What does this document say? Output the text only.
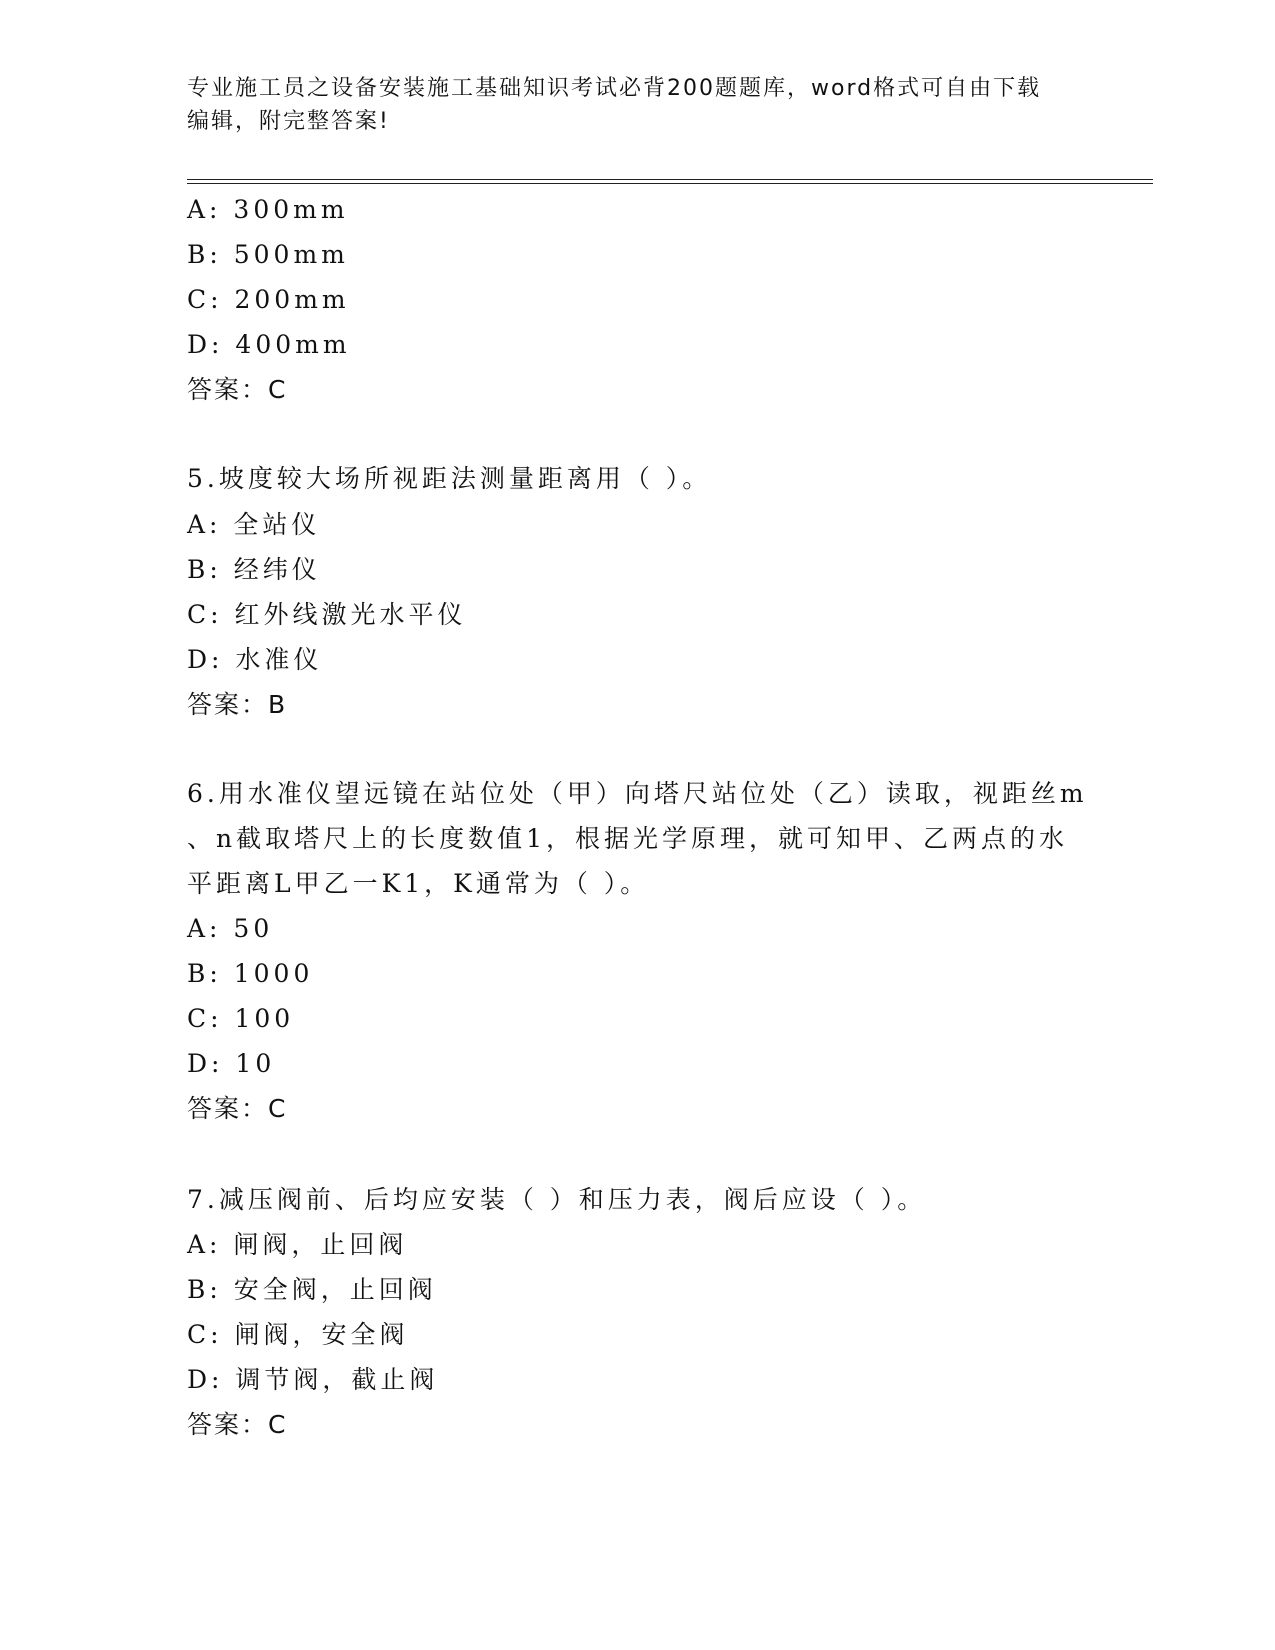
专业施工员之设备安装施工基础知识考试必背200题题库，word格式可自由下载
编辑，附完整答案!
A: 300mm
B: 500mm
C: 200mm
D: 400mm
答案：C
5.坡度较大场所视距法测量距离用（ ）。
A: 全站仪
B: 经纬仪
C: 红外线激光水平仪
D: 水准仪
答案：B
6.用水准仪望远镜在站位处（甲）向塔尺站位处（乙）读取，视距丝m
、n截取塔尺上的长度数值1，根据光学原理，就可知甲、乙两点的水
平距离L甲乙一K1，K通常为（ ）。
A: 50
B: 1000
C: 100
D: 10
答案：C
7.减压阀前、后均应安装（ ）和压力表，阀后应设（ ）。
A: 闸阀，止回阀
B: 安全阀，止回阀
C: 闸阀，安全阀
D: 调节阀，截止阀
答案：C
